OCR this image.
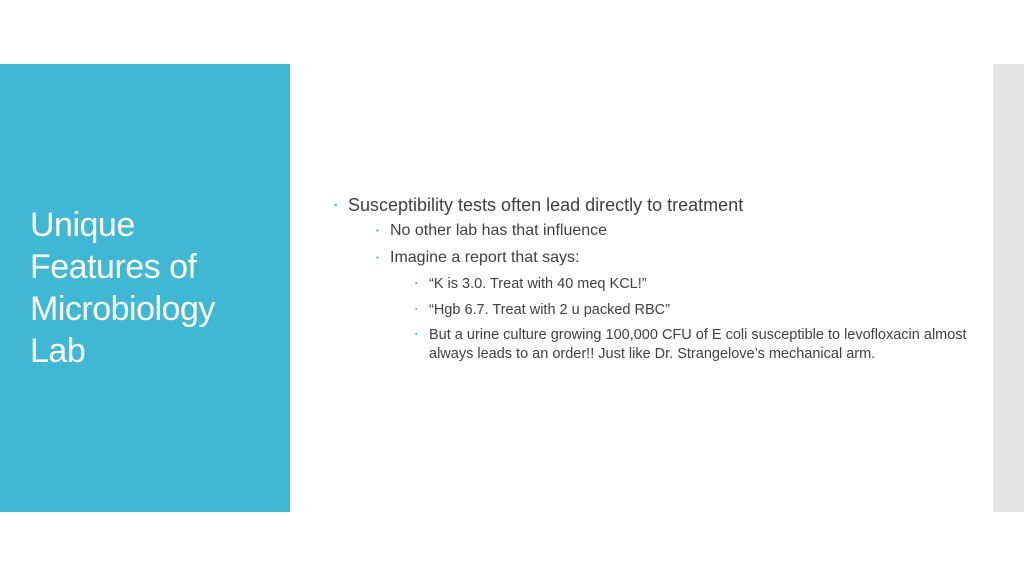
Unique
Features of
Microbiology
Lab
▪ Susceptibility tests often lead directly to treatment
▪ No other lab has that influence
▪ Imagine a report that says:
▪ “K is 3.0. Treat with 40 meq KCL!”
▪ “Hgb 6.7. Treat with 2 u packed RBC”
▪ But a urine culture growing 100,000 CFU of E coli susceptible to levofloxacin almost always leads to an order!! Just like Dr. Strangelove’s mechanical arm.
